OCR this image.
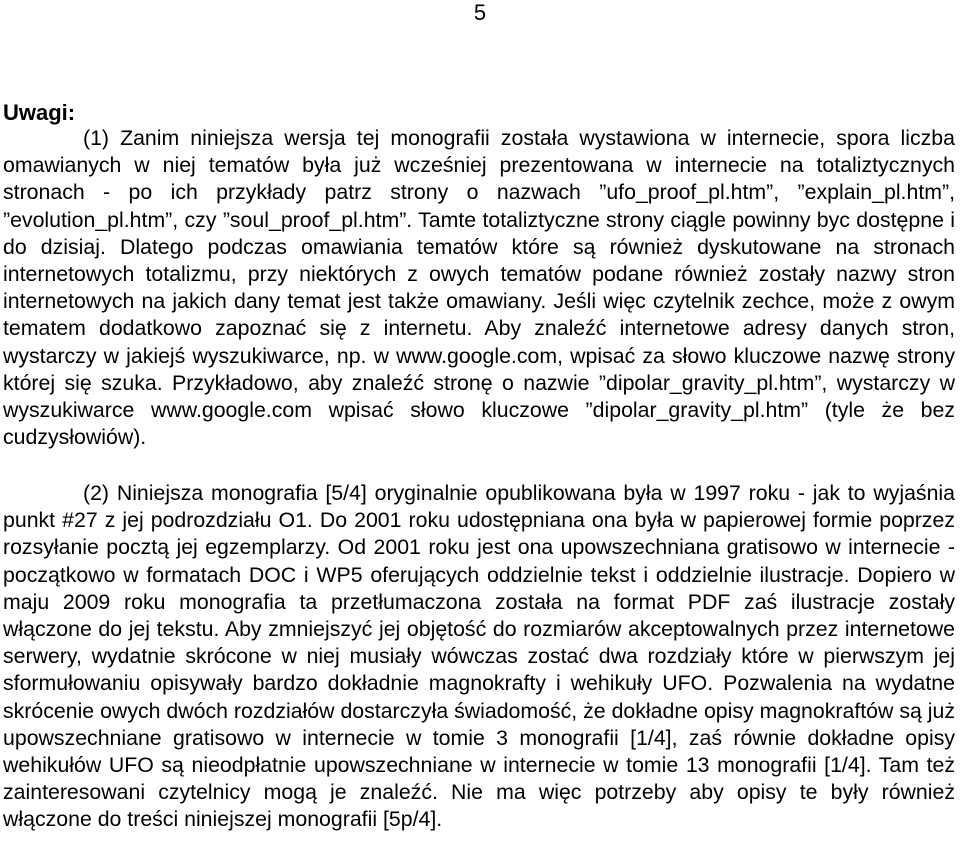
5
Uwagi:

(1) Zanim niniejsza wersja tej monografii została wystawiona w internecie, spora liczba omawianych w niej tematów była już wcześniej prezentowana w internecie na totaliztycznych stronach - po ich przykłady patrz strony o nazwach ”ufo_proof_pl.htm”, ”explain_pl.htm”, ”evolution_pl.htm”, czy ”soul_proof_pl.htm”. Tamte totaliztyczne strony ciągle powinny byc dostępne i do dzisiaj. Dlatego podczas omawiania tematów które są również dyskutowane na stronach internetowych totalizmu, przy niektórych z owych tematów podane również zostały nazwy stron internetowych na jakich dany temat jest także omawiany. Jeśli więc czytelnik zechce, może z owym tematem dodatkowo zapoznać się z internetu. Aby znaleźć internetowe adresy danych stron, wystarczy w jakiejś wyszukiwarce, np. w www.google.com, wpisać za słowo kluczowe nazwę strony której się szuka. Przykładowo, aby znaleźć stronę o nazwie ”dipolar_gravity_pl.htm”, wystarczy w wyszukiwarce www.google.com wpisać słowo kluczowe ”dipolar_gravity_pl.htm” (tyle że bez cudzysłowiów).

(2) Niniejsza monografia [5/4] oryginalnie opublikowana była w 1997 roku - jak to wyjaśnia punkt #27 z jej podrozdziału O1. Do 2001 roku udostępniana ona była w papierowej formie poprzez rozsyłanie pocztą jej egzemplarzy. Od 2001 roku jest ona upowszechniana gratisowo w internecie - początkowo w formatach DOC i WP5 oferujących oddzielnie tekst i oddzielnie ilustracje. Dopiero w maju 2009 roku monografia ta przetłumaczona została na format PDF zaś ilustracje zostały włączone do jej tekstu. Aby zmniejszyć jej objętość do rozmiarów akceptowalnych przez internetowe serwery, wydatnie skrócone w niej musiały wówczas zostać dwa rozdziały które w pierwszym jej sformułowaniu opisywały bardzo dokładnie magnokrafty i wehikuły UFO. Pozwalenia na wydatne skrócenie owych dwóch rozdziałów dostarczyła świadomość, że dokładne opisy magnokraftów są już upowszechniane gratisowo w internecie w tomie 3 monografii [1/4], zaś równie dokładne opisy wehikułów UFO są nieodpłatnie upowszechniane w internecie w tomie 13 monografii [1/4]. Tam też zainteresowani czytelnicy mogą je znaleźć. Nie ma więc potrzeby aby opisy te były również włączone do treści niniejszej monografii [5p/4].
